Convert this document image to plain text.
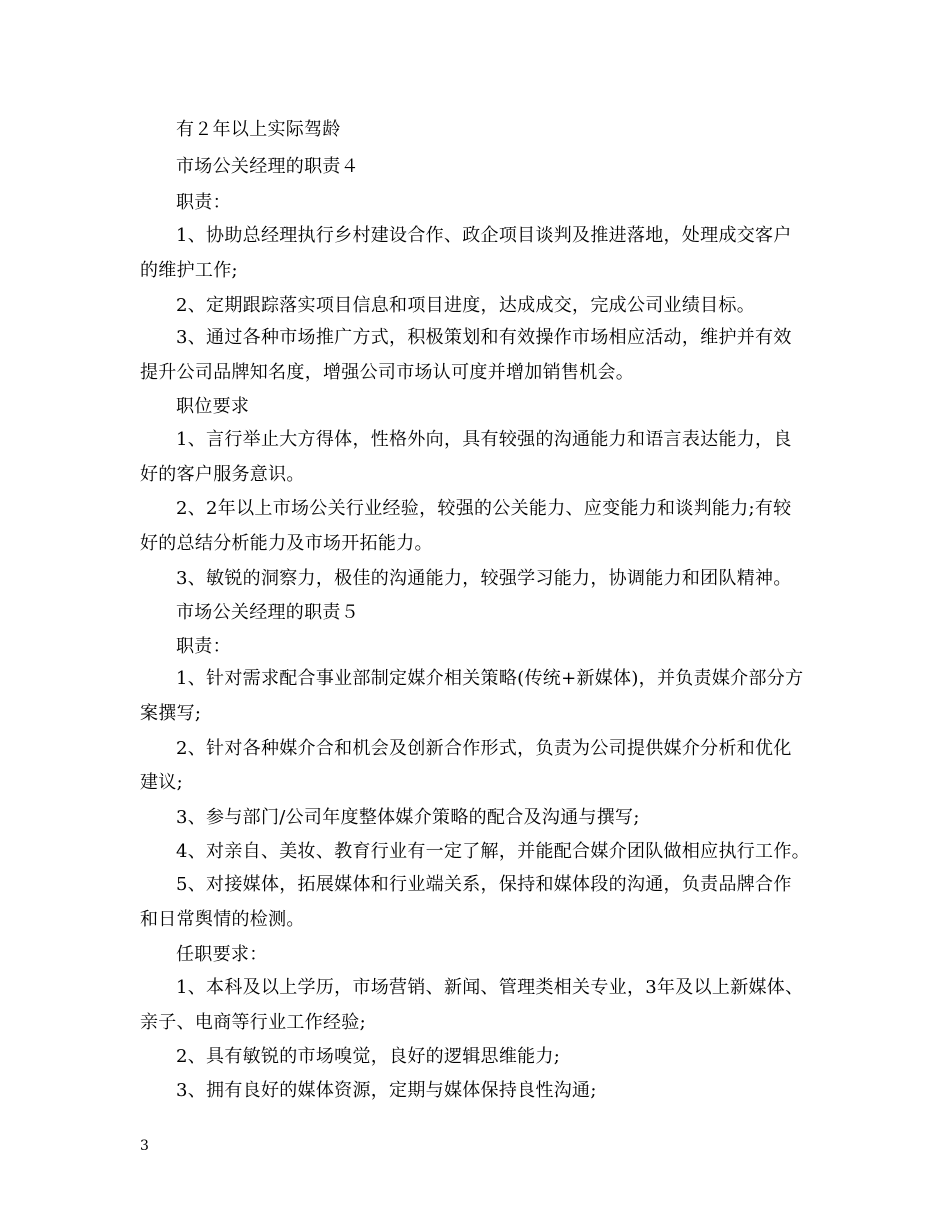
有２年以上实际驾龄
市场公关经理的职责４
职责：
1、协助总经理执行乡村建设合作、政企项目谈判及推进落地，处理成交客户
的维护工作;
2、定期跟踪落实项目信息和项目进度，达成成交，完成公司业绩目标。
3、通过各种市场推广方式，积极策划和有效操作市场相应活动，维护并有效
提升公司品牌知名度，增强公司市场认可度并增加销售机会。
职位要求
1、言行举止大方得体，性格外向，具有较强的沟通能力和语言表达能力，良
好的客户服务意识。
2、2年以上市场公关行业经验，较强的公关能力、应变能力和谈判能力;有较
好的总结分析能力及市场开拓能力。
3、敏锐的洞察力，极佳的沟通能力，较强学习能力，协调能力和团队精神。
市场公关经理的职责５
职责：
1、针对需求配合事业部制定媒介相关策略(传统+新媒体)，并负责媒介部分方
案撰写;
2、针对各种媒介合和机会及创新合作形式，负责为公司提供媒介分析和优化
建议;
3、参与部门/公司年度整体媒介策略的配合及沟通与撰写;
4、对亲自、美妆、教育行业有一定了解，并能配合媒介团队做相应执行工作。
5、对接媒体，拓展媒体和行业端关系，保持和媒体段的沟通，负责品牌合作
和日常舆情的检测。
任职要求：
1、本科及以上学历，市场营销、新闻、管理类相关专业，3年及以上新媒体、
亲子、电商等行业工作经验;
2、具有敏锐的市场嗅觉，良好的逻辑思维能力;
3、拥有良好的媒体资源，定期与媒体保持良性沟通;
3
